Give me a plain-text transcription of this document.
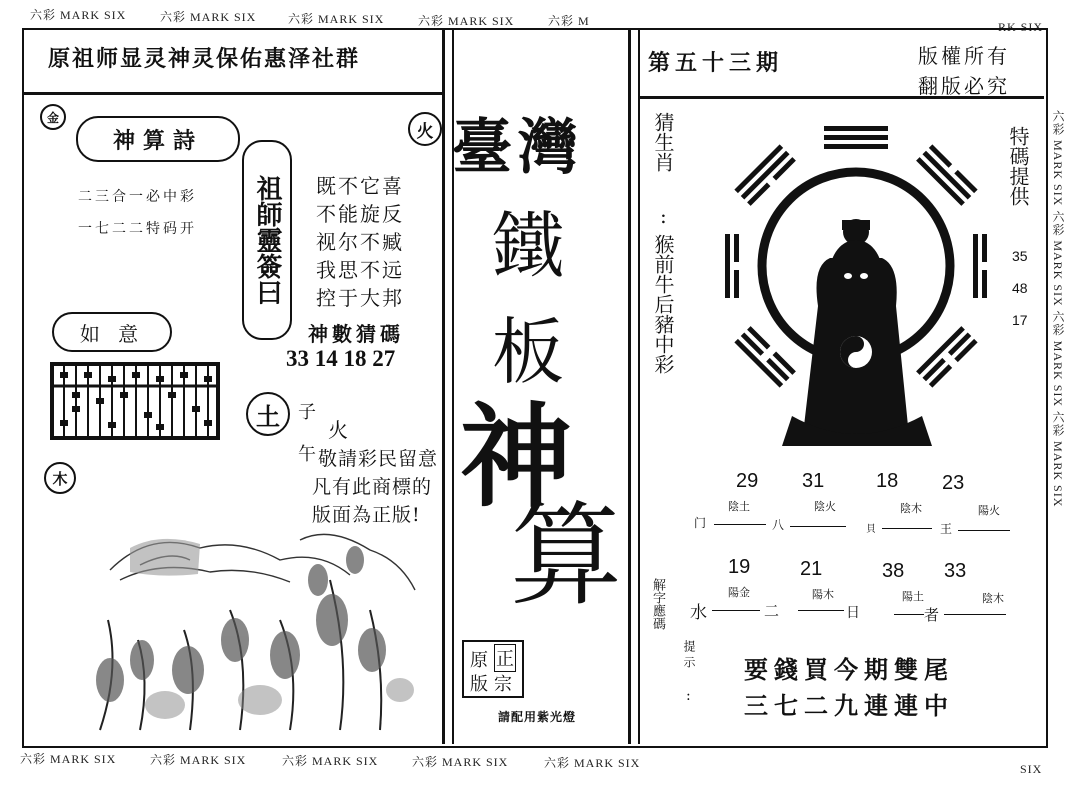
六彩 MARK SIX	六彩 MARK SIX	六彩 MARK SIX	六彩 MARK SIX	六彩 M	RK SIX
六彩 MARK SIX	六彩 MARK SIX	六彩 MARK SIX	六彩 MARK SIX	六彩 MARK SIX	SIX
六彩 MARK SIX 六彩 MARK SIX 六彩 MARK SIX 六彩 MARK SIX
原祖师显灵神灵保佑惠泽社群
金
火
神算詩
二三合一必中彩
一七二二特码开	祖師靈簽曰	既不它喜
不能旋反
视尔不臧
我思不远
控于大邦
神數猜碼
33 14 18 27
如 意
土	子
火
午
木
敬請彩民留意
凡有此商標的
版面為正版!
臺灣
鐵
板
神
算
原 正
版 宗
請配用紫光燈
第五十三期	版權所有
翻版必究
猜生肖
:
猴前牛后豬中彩
特碼提供
35
48
17
29 31	18 23
陰土	陰火	陰木	陽火
门	八	貝	王
19 21	38 33
陽金	陽木	陽土	陰木
水	二	日	者
解字應碼
提示
:
要錢買今期雙尾
三七二九連連中
